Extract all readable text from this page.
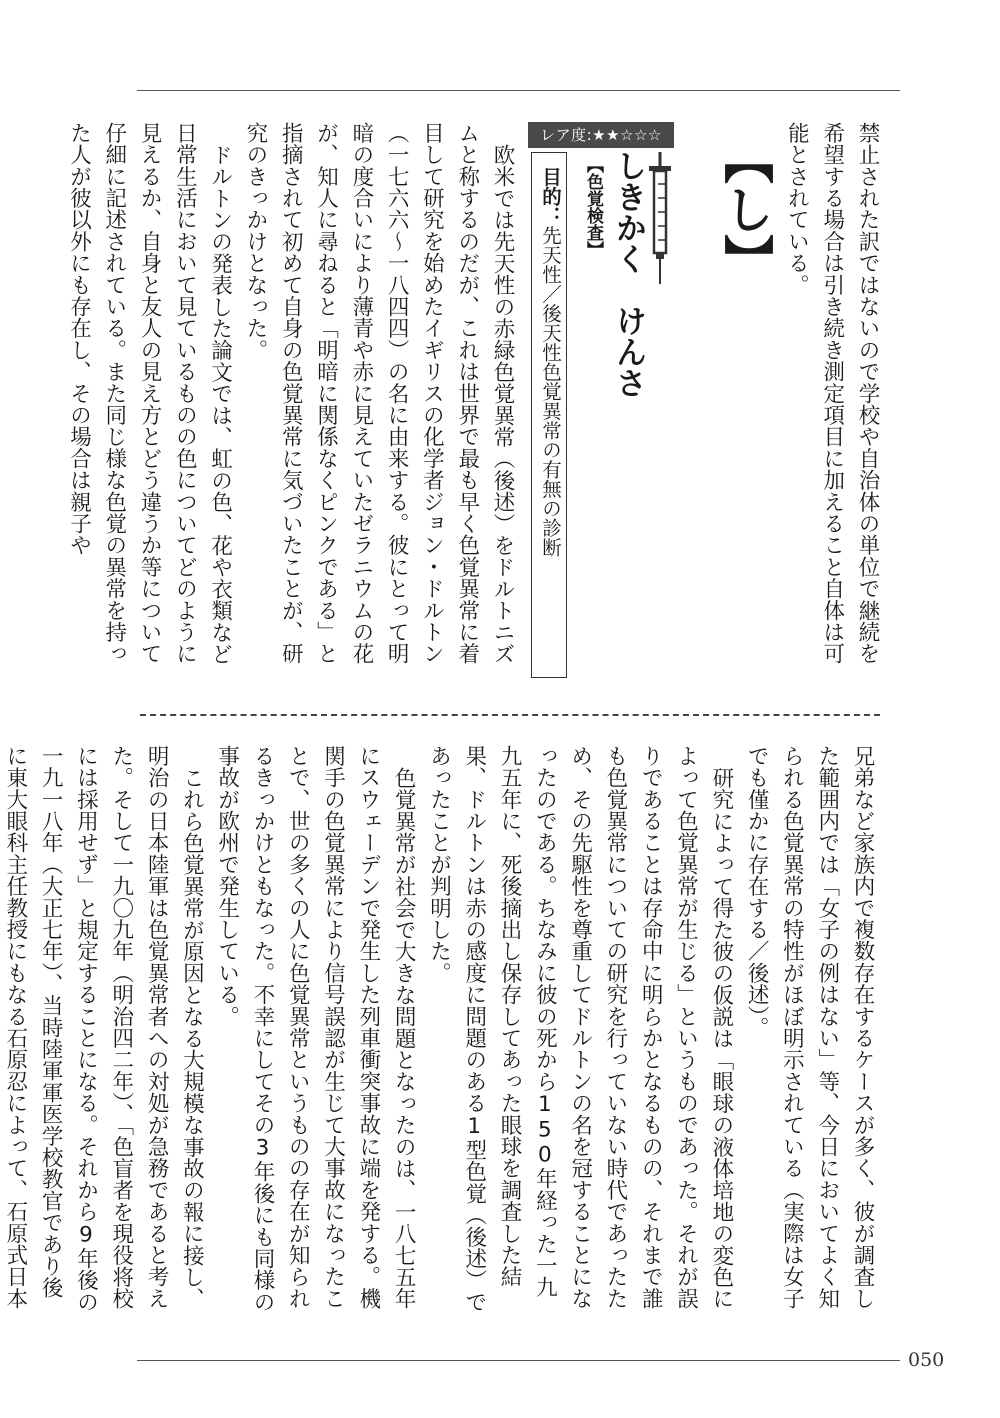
禁止された訳ではないので学校や自治体の単位で継続を希望する場合は引き続き測定項目に加えること自体は可能とされている。

【し】
レア度:★★☆☆☆
しきかく　けんさ
【色覚検査】
目的：先天性／後天性色覚異常の有無の診断

欧米では先天性の赤緑色覚異常（後述）をドルトニズムと称するのだが、これは世界で最も早く色覚異常に着目して研究を始めたイギリスの化学者ジョン・ドルトン（一七六六～一八四四）の名に由来する。彼にとって明暗の度合いにより薄青や赤に見えていたゼラニウムの花が、知人に尋ねると「明暗に関係なくピンクである」と指摘されて初めて自身の色覚異常に気づいたことが、研究のきっかけとなった。

ドルトンの発表した論文では、虹の色、花や衣類など日常生活において見ているものの色についてどのように見えるか、自身と友人の見え方とどう違うか等について仔細に記述されている。また同じ様な色覚の異常を持った人が彼以外にも存在し、その場合は親子や

兄弟など家族内で複数存在するケースが多く、彼が調査した範囲内では「女子の例はない」等、今日においてよく知られる色覚異常の特性がほぼ明示されている（実際は女子でも僅かに存在する／後述）。

研究によって得た彼の仮説は「眼球の液体培地の変色によって色覚異常が生じる」というものであった。それが誤りであることは存命中に明らかとなるものの、それまで誰も色覚異常についての研究を行っていない時代であったため、その先駆性を尊重してドルトンの名を冠することになったのである。ちなみに彼の死から150年経った一九九五年に、死後摘出し保存してあった眼球を調査した結果、ドルトンは赤の感度に問題のある1型色覚（後述）であったことが判明した。

色覚異常が社会で大きな問題となったのは、一八七五年にスウェーデンで発生した列車衝突事故に端を発する。機関手の色覚異常により信号誤認が生じて大事故になったことで、世の多くの人に色覚異常というものの存在が知られるきっかけともなった。不幸にしてその3年後にも同様の事故が欧州で発生している。

これら色覚異常が原因となる大規模な事故の報に接し、明治の日本陸軍は色覚異常者への対処が急務であると考えた。そして一九〇九年（明治四二年）、「色盲者を現役将校には採用せず」と規定することになる。それから9年後の一九一八年（大正七年）、当時陸軍軍医学校教官であり後に東大眼科主任教授にもなる石原忍によって、石原式日本

050
